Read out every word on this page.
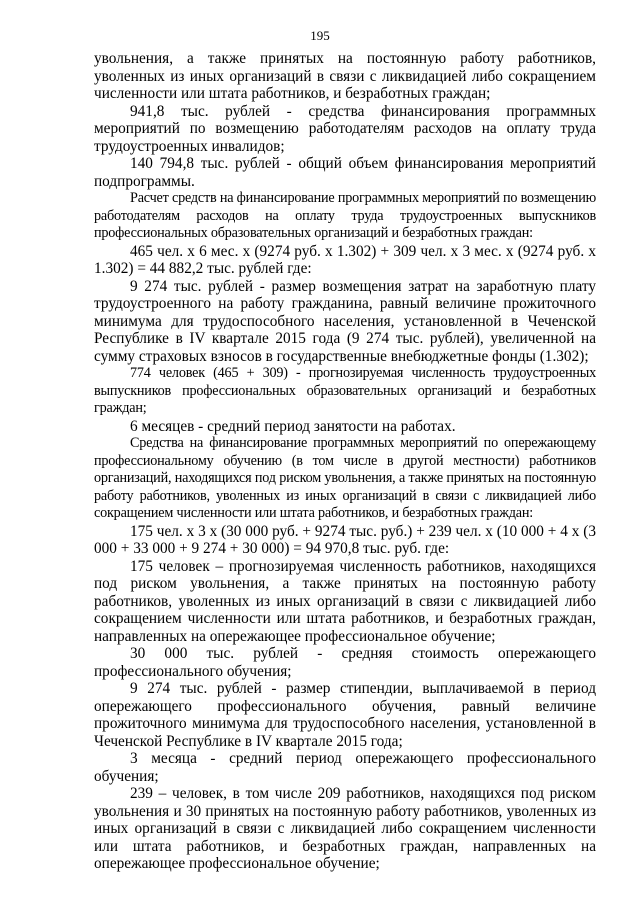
195

увольнения, а также принятых на постоянную работу работников, уволенных из иных организаций в связи с ликвидацией либо сокращением численности или штата работников, и безработных граждан;

941,8 тыс. рублей - средства финансирования программных мероприятий по возмещению работодателям расходов на оплату труда трудоустроенных инвалидов;

140 794,8 тыс. рублей - общий объем финансирования мероприятий подпрограммы.

Расчет средств на финансирование программных мероприятий по возмещению работодателям расходов на оплату труда трудоустроенных выпускников профессиональных образовательных организаций и безработных граждан:

465 чел. х 6 мес. х (9274 руб. х 1.302) + 309 чел. х 3 мес. х (9274 руб. х 1.302) = 44 882,2 тыс. рублей где:

9 274 тыс. рублей - размер возмещения затрат на заработную плату трудоустроенного на работу гражданина, равный величине прожиточного минимума для трудоспособного населения, установленной в Чеченской Республике в IV квартале 2015 года (9 274 тыс. рублей), увеличенной на сумму страховых взносов в государственные внебюджетные фонды (1.302);

774 человек (465 + 309) - прогнозируемая численность трудоустроенных выпускников профессиональных образовательных организаций и безработных граждан;

6 месяцев - средний период занятости на работах.

Средства на финансирование программных мероприятий по опережающему профессиональному обучению (в том числе в другой местности) работников организаций, находящихся под риском увольнения, а также принятых на постоянную работу работников, уволенных из иных организаций в связи с ликвидацией либо сокращением численности или штата работников, и безработных граждан:

175 чел. х 3 х (30 000 руб. + 9274 тыс. руб.) + 239 чел. х (10 000 + 4 х (3 000 + 33 000 + 9 274 + 30 000) = 94 970,8 тыс. руб. где:

175 человек – прогнозируемая численность работников, находящихся под риском увольнения, а также принятых на постоянную работу работников, уволенных из иных организаций в связи с ликвидацией либо сокращением численности или штата работников, и безработных граждан, направленных на опережающее профессиональное обучение;

30 000 тыс. рублей - средняя стоимость опережающего профессионального обучения;

9 274 тыс. рублей - размер стипендии, выплачиваемой в период опережающего профессионального обучения, равный величине прожиточного минимума для трудоспособного населения, установленной в Чеченской Республике в IV квартале 2015 года;

3 месяца - средний период опережающего профессионального обучения;

239 – человек, в том числе 209 работников, находящихся под риском увольнения и 30 принятых на постоянную работу работников, уволенных из иных организаций в связи с ликвидацией либо сокращением численности или штата работников, и безработных граждан, направленных на опережающее профессиональное обучение;
